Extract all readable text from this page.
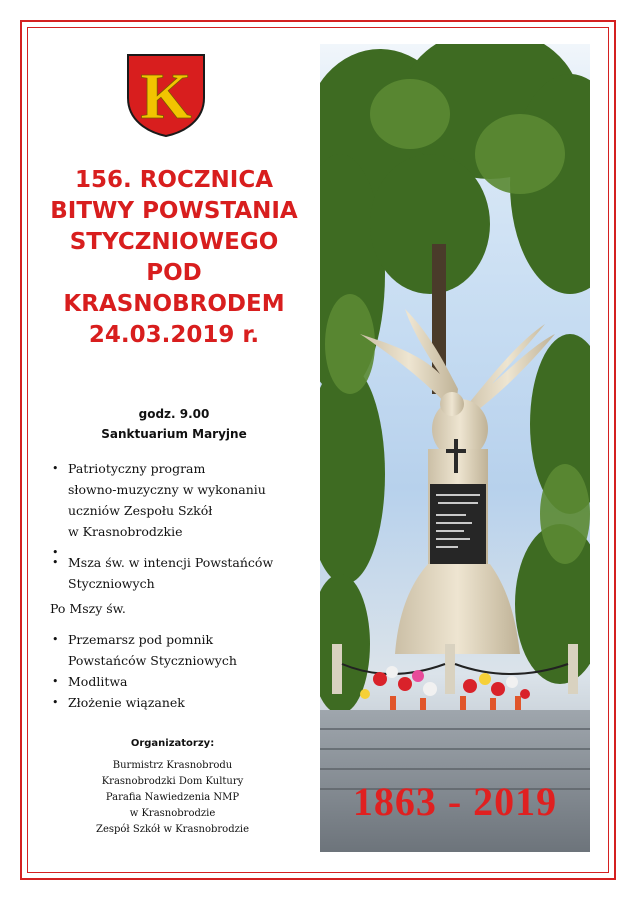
K
156. ROCZNICA
BITWY POWSTANIA
STYCZNIOWEGO
POD
KRASNOBRODEM
24.03.2019 r.
godz. 9.00
Sanktuarium Maryjne
• Patriotyczny program
słowno-muzyczny w wykonaniu
uczniów Zespołu Szkół
w Krasnobrodzkie
•
• Msza św. w intencji Powstańców
Styczniowych
Po Mszy św.
• Przemarsz pod pomnik
Powstańców Styczniowych
• Modlitwa
• Złożenie wiązanek
Organizatorzy:
Burmistrz Krasnobrodu
Krasnobrodzki Dom Kultury
Parafia Nawiedzenia NMP
w Krasnobrodzie
Zespół Szkół w Krasnobrodzie
1863 - 2019
